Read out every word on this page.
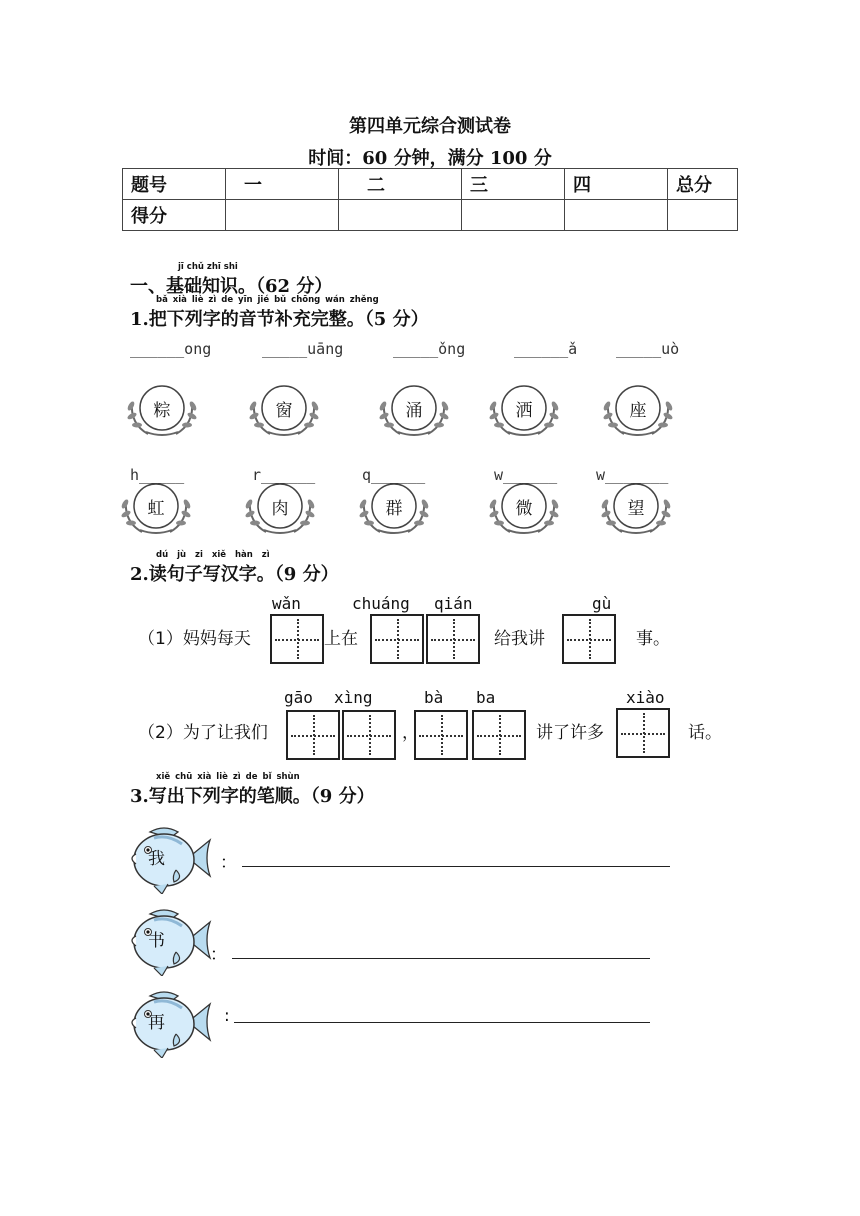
第四单元综合测试卷
时间：60 分钟，满分 100 分
题号	一	二	三	四	总分
得分					
jī chǔ zhī shi
一、基础知识。（62 分）
bǎ xià liè zì de yīn jié bǔ chōng wán zhěng
1.把下列字的音节补充完整。（5 分）
______ong	_____uāng	_____ǒng	______ǎ	_____uò
粽	窗	涌	洒	座
h_____	r______	q______	w______	w_______
虹	肉	群	微	望
dú jù zi xiě hàn zì
2.读句子写汉字。（9 分）
wǎn	chuáng qián	gù
（1）妈妈每天	上在	给我讲	事。
gāo xìng	bà ba	xiào
（2）为了让我们	，	讲了许多	话。
xiě chū xià liè zì de bǐ shùn
3.写出下列字的笔顺。（9 分）
我	：
书
：
再	:
